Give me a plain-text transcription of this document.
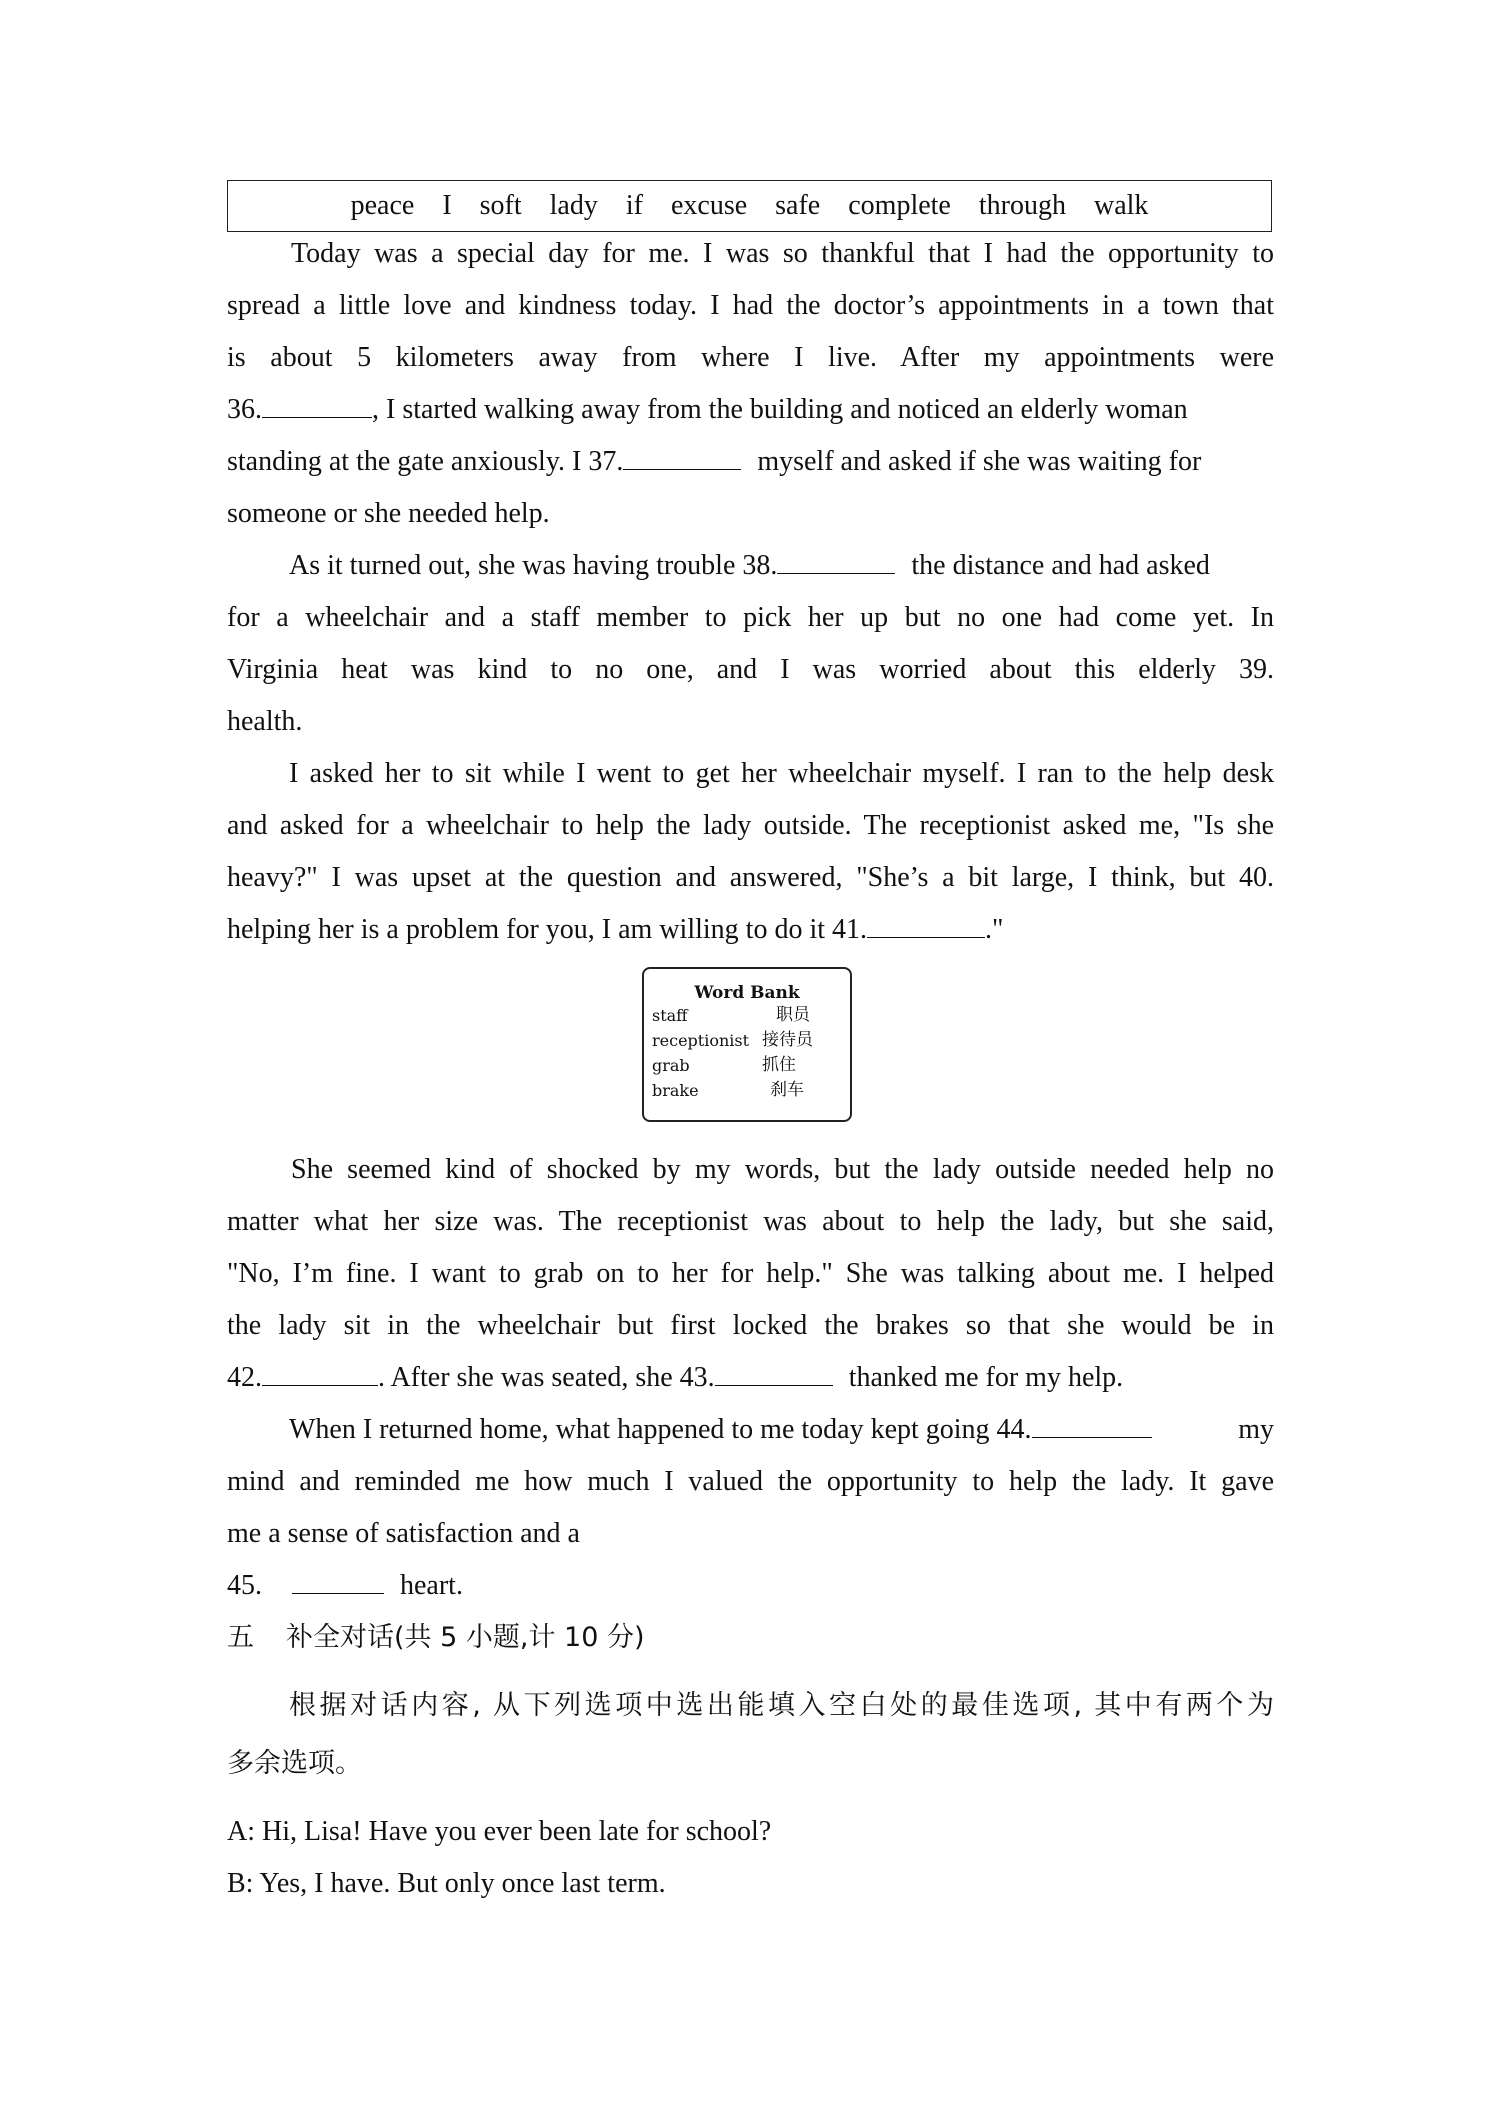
peace I soft lady if excuse safe complete through walk
Today was a special day for me. I was so thankful that I had the opportunity to
spread a little love and kindness today. I had the doctor’s appointments in a town that
is about 5 kilometers away from where I live. After my appointments were
36.	, I started walking away from the building and noticed an elderly woman
standing at the gate anxiously. I 37.	myself and asked if she was waiting for
someone or she needed help.
As it turned out, she was having trouble 38.	the distance and had asked
for a wheelchair and a staff member to pick her up but no one had come yet. In
Virginia heat was kind to no one, and I was worried about this elderly 39.
health.
I asked her to sit while I went to get her wheelchair myself. I ran to the help desk
and asked for a wheelchair to help the lady outside. The receptionist asked me, "Is she
heavy?" I was upset at the question and answered, "She’s a bit large, I think, but 40.
helping her is a problem for you, I am willing to do it 41.	."
Word Bank
staff	职员
receptionist 接待员
grab	抓住
brake	刹车
She seemed kind of shocked by my words, but the lady outside needed help no
matter what her size was. The receptionist was about to help the lady, but she said,
"No, I’m fine. I want to grab on to her for help." She was talking about me. I helped
the lady sit in the wheelchair but first locked the brakes so that she would be in
42.	. After she was seated, she 43.	thanked me for my help.
When I returned home, what happened to me today kept going 44.	my
mind and reminded me how much I valued the opportunity to help the lady. It gave
me a sense of satisfaction and a
45.	heart.
五 补全对话(共 5 小题,计 10 分)
根据对话内容, 从下列选项中选出能填入空白处的最佳选项, 其中有两个为
多余选项。
A: Hi, Lisa! Have you ever been late for school?
B: Yes, I have. But only once last term.
